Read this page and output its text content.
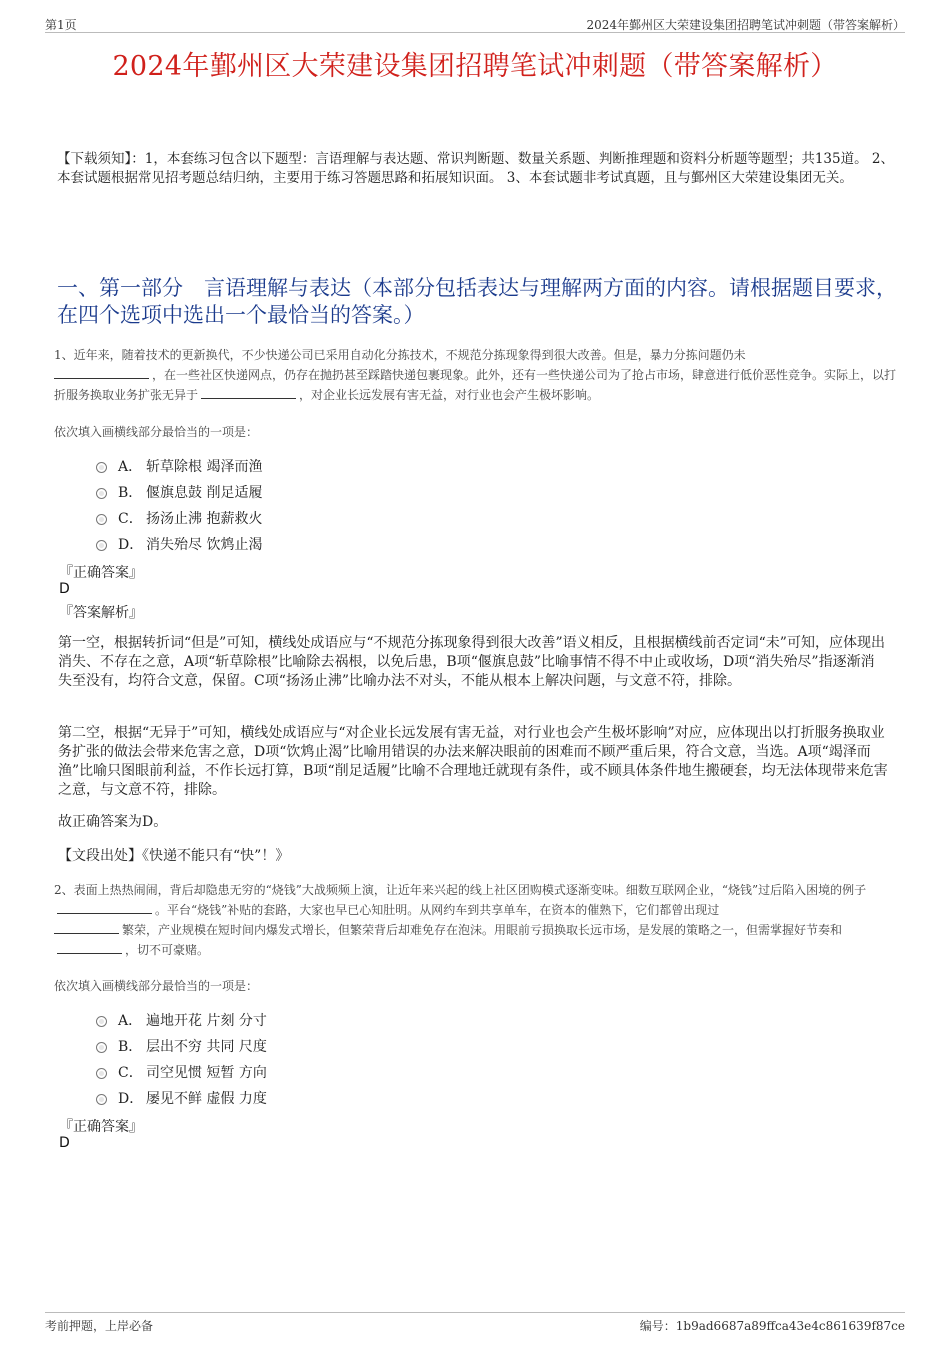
第1页	2024年鄞州区大荣建设集团招聘笔试冲刺题（带答案解析）
2024年鄞州区大荣建设集团招聘笔试冲刺题（带答案解析）
【下载须知】：1，本套练习包含以下题型：言语理解与表达题、常识判断题、数量关系题、判断推理题和资料分析题等题型；共135道。 2、本套试题根据常见招考题总结归纳，主要用于练习答题思路和拓展知识面。 3、本套试题非考试真题，且与鄞州区大荣建设集团无关。
一、第一部分　言语理解与表达（本部分包括表达与理解两方面的内容。请根据题目要求，在四个选项中选出一个最恰当的答案。）
1、近年来，随着技术的更新换代，不少快递公司已采用自动化分拣技术，不规范分拣现象得到很大改善。但是，暴力分拣问题仍未
，在一些社区快递网点，仍存在抛扔甚至踩踏快递包裹现象。此外，还有一些快递公司为了抢占市场，肆意进行低价恶性竞争。实际上，以打折服务换取业务扩张无异于	，对企业长远发展有害无益，对行业也会产生极坏影响。
依次填入画横线部分最恰当的一项是：
A． 斩草除根 竭泽而渔
B． 偃旗息鼓 削足适履
C． 扬汤止沸 抱薪救火
D． 消失殆尽 饮鸩止渴
『正确答案』
D
『答案解析』
第一空，根据转折词“但是”可知，横线处成语应与“不规范分拣现象得到很大改善”语义相反，且根据横线前否定词“未”可知，应体现出消失、不存在之意，A项“斩草除根”比喻除去祸根，以免后患，B项“偃旗息鼓”比喻事情不得不中止或收场，D项“消失殆尽”指逐渐消失至没有，均符合文意，保留。C项“扬汤止沸”比喻办法不对头，不能从根本上解决问题，与文意不符，排除。
第二空，根据“无异于”可知，横线处成语应与“对企业长远发展有害无益，对行业也会产生极坏影响”对应，应体现出以打折服务换取业务扩张的做法会带来危害之意，D项“饮鸩止渴”比喻用错误的办法来解决眼前的困难而不顾严重后果，符合文意，当选。A项“竭泽而渔”比喻只图眼前利益，不作长远打算，B项“削足适履”比喻不合理地迁就现有条件，或不顾具体条件地生搬硬套，均无法体现带来危害之意，与文意不符，排除。
故正确答案为D。
【文段出处】《快递不能只有“快”！》
2、表面上热热闹闹，背后却隐患无穷的“烧钱”大战频频上演，让近年来兴起的线上社区团购模式逐渐变味。细数互联网企业，“烧钱”过后陷入困境的例子。平台“烧钱”补贴的套路，大家也早已心知肚明。从网约车到共享单车，在资本的催熟下，它们都曾出现过
繁荣，产业规模在短时间内爆发式增长，但繁荣背后却难免存在泡沫。用眼前亏损换取长远市场，是发展的策略之一，但需掌握好节奏和，切不可豪赌。
依次填入画横线部分最恰当的一项是：
A． 遍地开花 片刻 分寸
B． 层出不穷 共同 尺度
C． 司空见惯 短暂 方向
D． 屡见不鲜 虚假 力度
『正确答案』
D
考前押题，上岸必备	编号：1b9ad6687a89ffca43e4c861639f87ce
